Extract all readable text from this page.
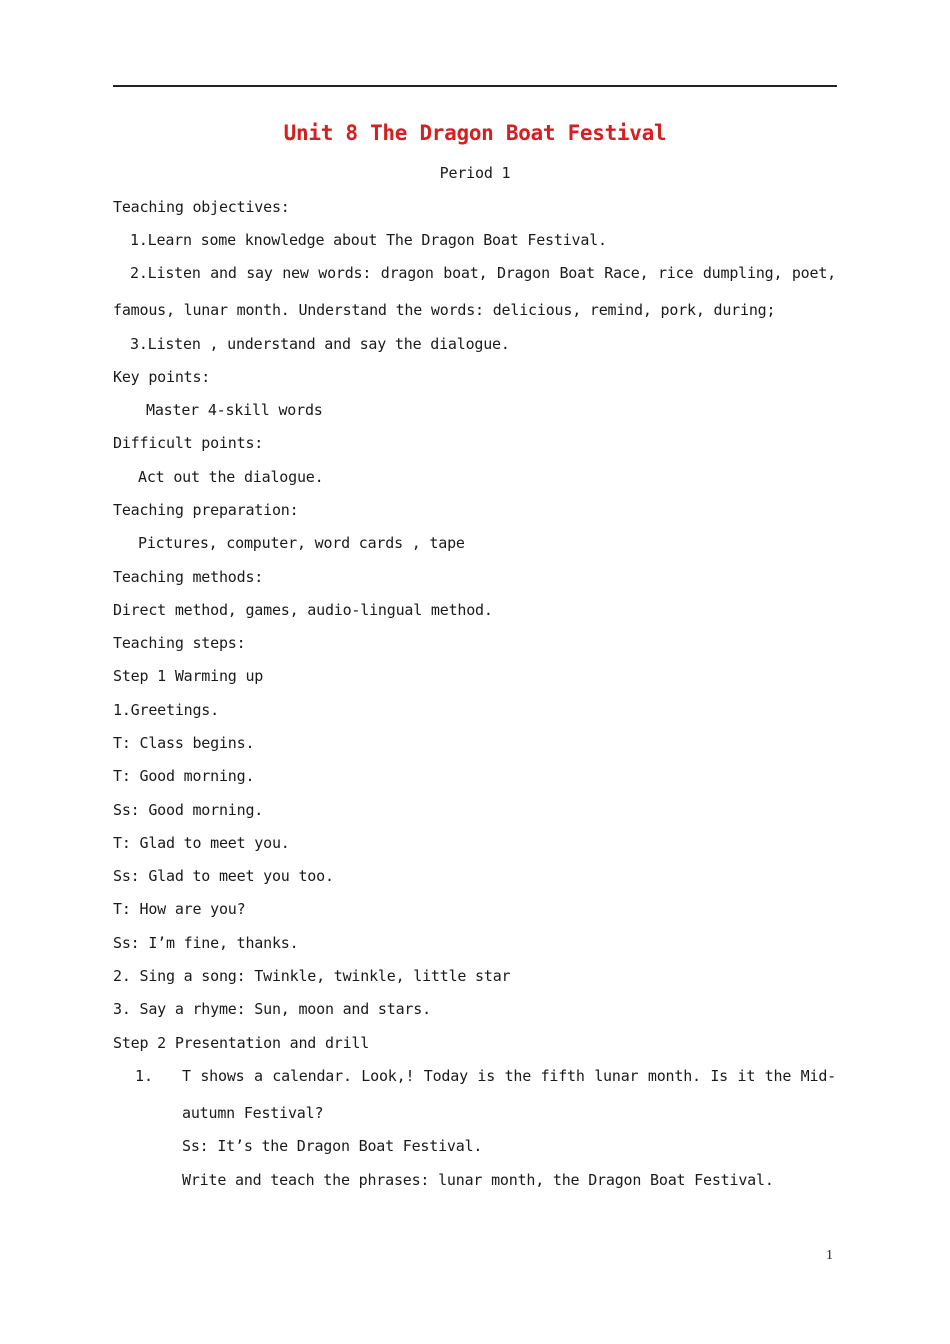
Unit 8 The Dragon Boat Festival
Period 1
Teaching objectives:
1.Learn some knowledge about The Dragon Boat Festival.
2.Listen and say new words: dragon boat, Dragon Boat Race, rice dumpling, poet,
famous, lunar month. Understand the words: delicious, remind, pork, during;
3.Listen , understand and say the dialogue.
Key points:
Master 4-skill words
Difficult points:
Act out the dialogue.
Teaching preparation:
Pictures, computer, word cards , tape
Teaching methods:
Direct method, games, audio-lingual method.
Teaching steps:
Step 1 Warming up
1.Greetings.
T: Class begins.
T: Good morning.
Ss: Good morning.
T: Glad to meet you.
Ss: Glad to meet you too.
T: How are you?
Ss: I’m fine, thanks.
2. Sing a song: Twinkle, twinkle, little star
3. Say a rhyme: Sun, moon and stars.
Step 2 Presentation and drill
1. T shows a calendar. Look,! Today is the fifth lunar month. Is it the Mid-
autumn Festival?
Ss: It’s the Dragon Boat Festival.
Write and teach the phrases: lunar month, the Dragon Boat Festival.
1
